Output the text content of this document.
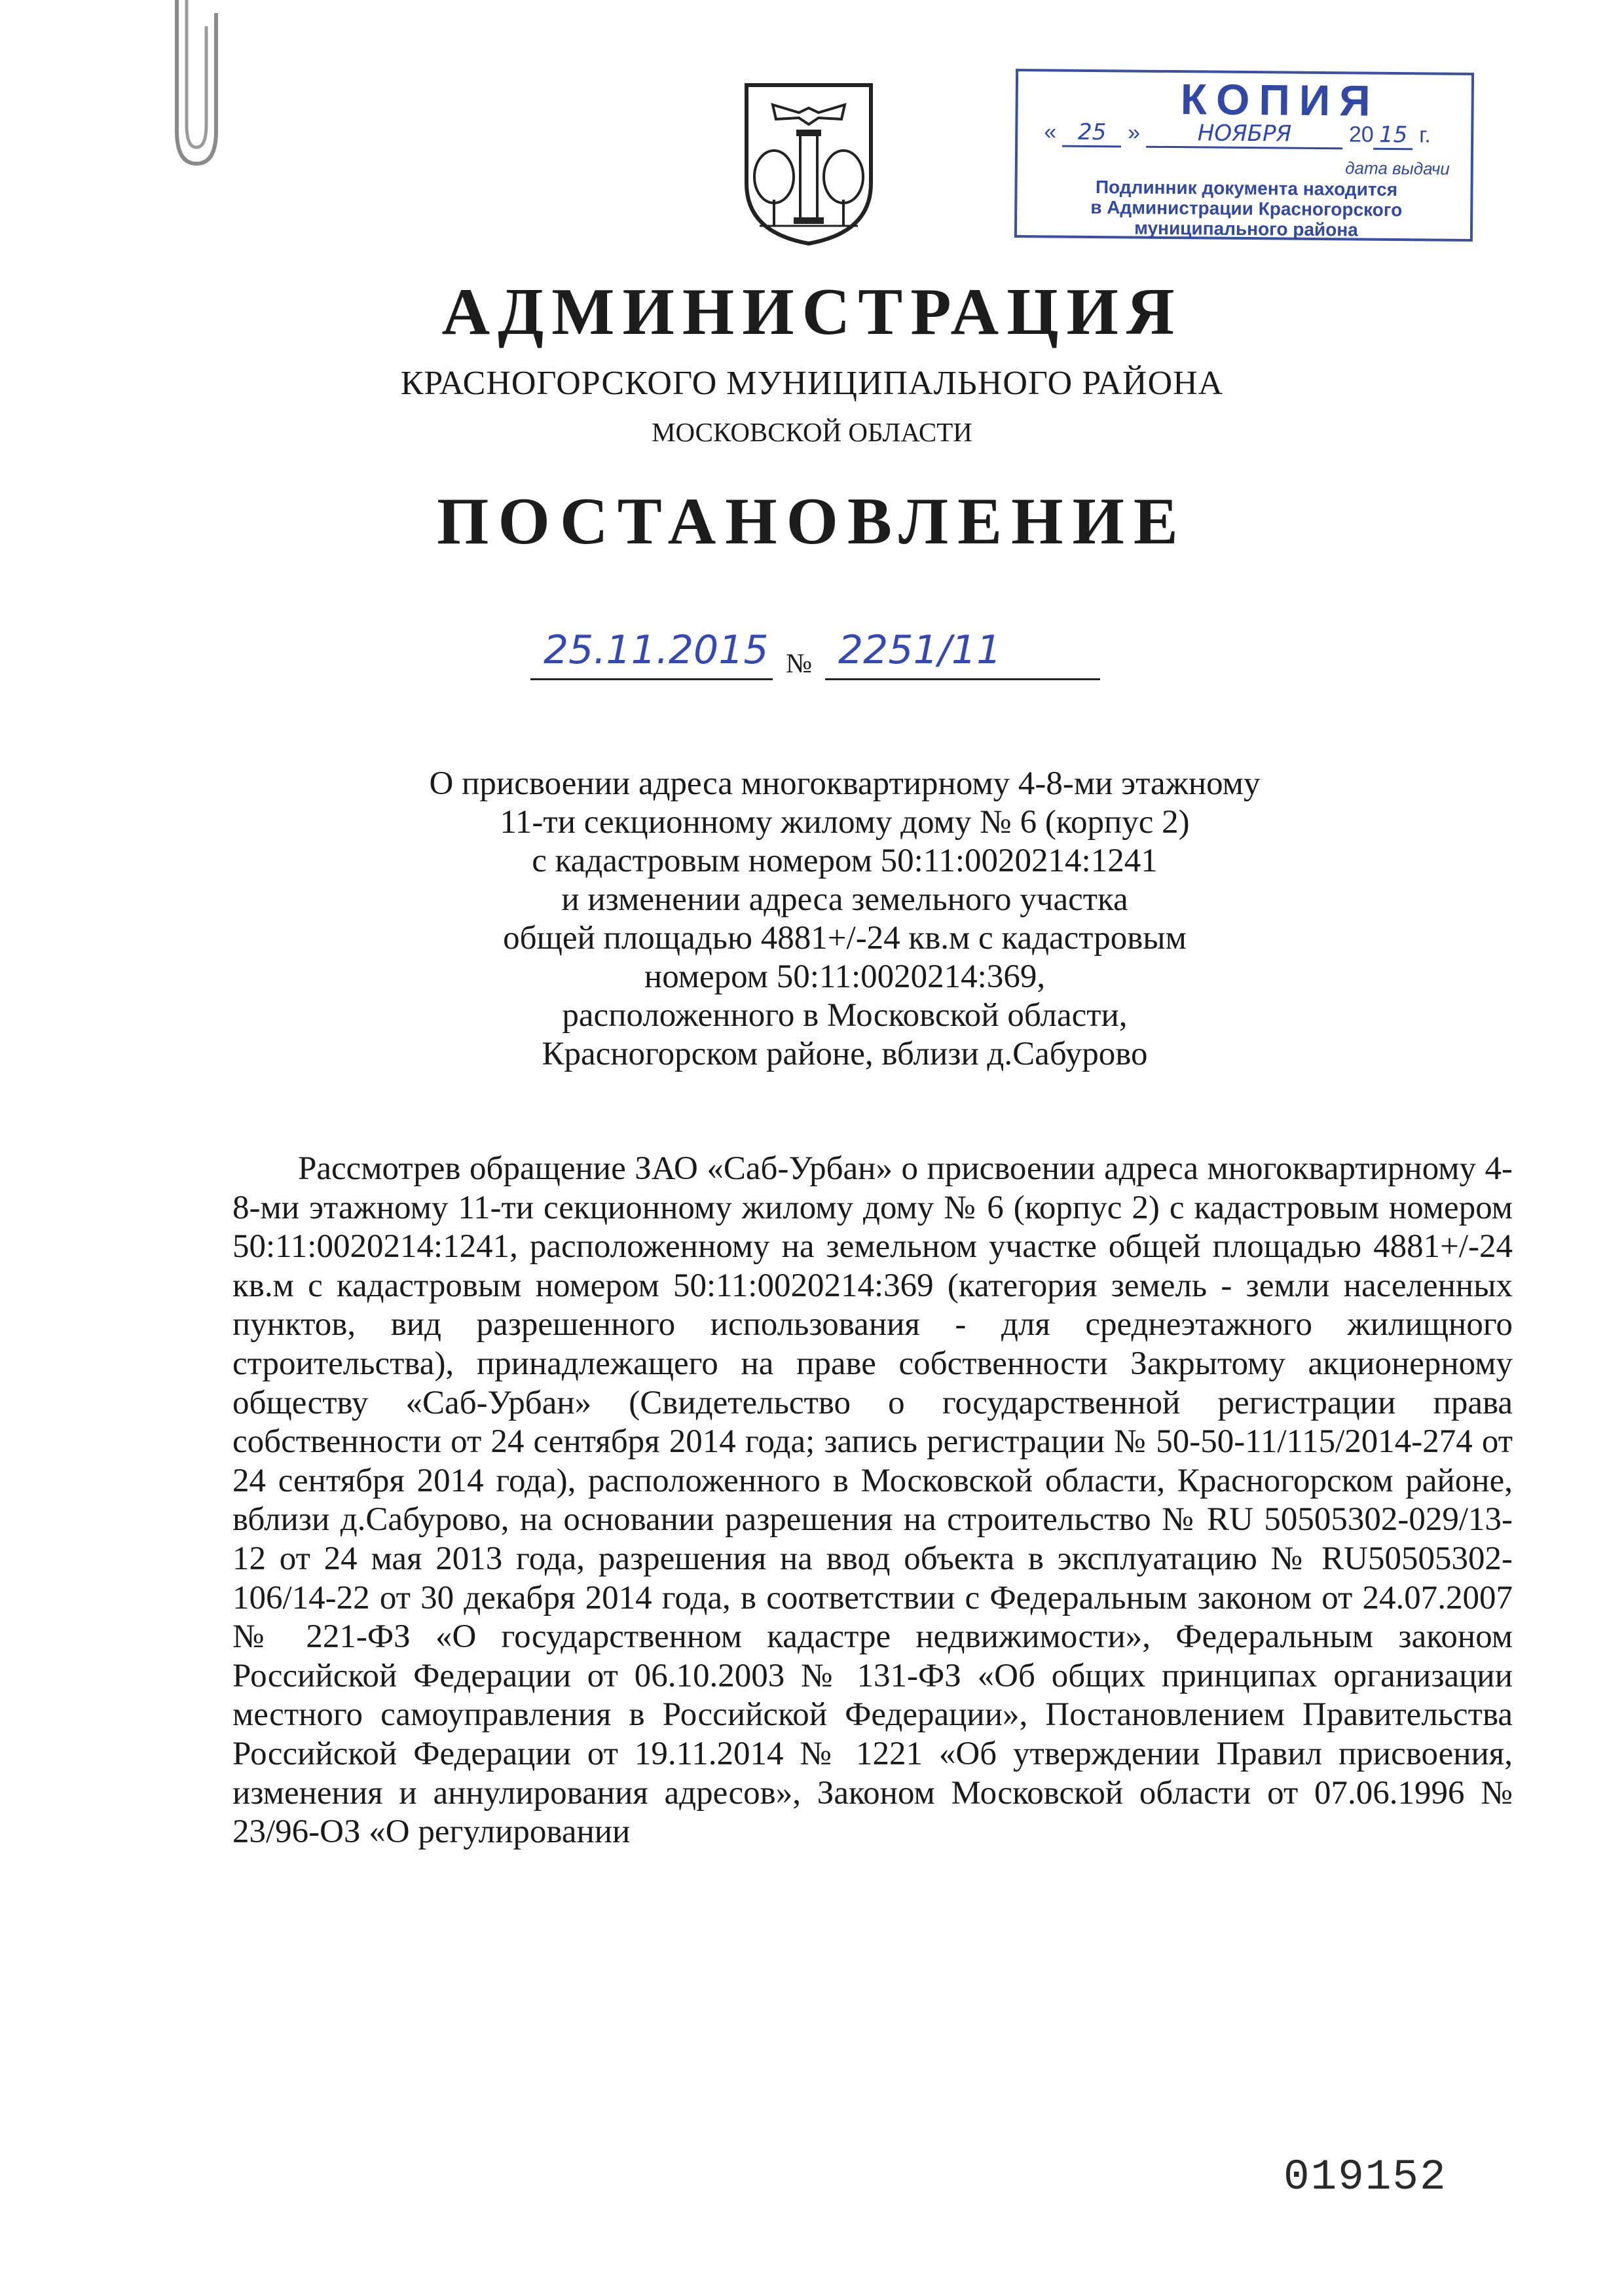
КОПИЯ
« 25 »	НОЯБРЯ	20 15 г.
дата выдачи
Подлинник документа находится
в Администрации Красногорского
муниципального района
АДМИНИСТРАЦИЯ
КРАСНОГОРСКОГО МУНИЦИПАЛЬНОГО РАЙОНА
МОСКОВСКОЙ ОБЛАСТИ
ПОСТАНОВЛЕНИЕ
25.11.2015 № 2251/11
О присвоении адреса многоквартирному 4-8-ми этажному
11-ти секционному жилому дому № 6 (корпус 2)
с кадастровым номером 50:11:0020214:1241
и изменении адреса земельного участка
общей площадью 4881+/-24 кв.м с кадастровым
номером 50:11:0020214:369,
расположенного в Московской области,
Красногорском районе, вблизи д.Сабурово

Рассмотрев обращение ЗАО «Саб-Урбан» о присвоении адреса многоквартирному 4-8-ми этажному 11-ти секционному жилому дому № 6 (корпус 2) с кадастровым номером 50:11:0020214:1241, расположенному на земельном участке общей площадью 4881+/-24 кв.м с кадастровым номером 50:11:0020214:369 (категория земель - земли населенных пунктов, вид разрешенного использования - для среднеэтажного жилищного строительства), принадлежащего на праве собственности Закрытому акционерному обществу «Саб-Урбан» (Свидетельство о государственной регистрации права собственности от 24 сентября 2014 года; запись регистрации № 50-50-11/115/2014-274 от 24 сентября 2014 года), расположенного в Московской области, Красногорском районе, вблизи д.Сабурово, на основании разрешения на строительство № RU 50505302-029/13-12 от 24 мая 2013 года, разрешения на ввод объекта в эксплуатацию № RU50505302-106/14-22 от 30 декабря 2014 года, в соответствии с Федеральным законом от 24.07.2007 № 221-ФЗ «О государственном кадастре недвижимости», Федеральным законом Российской Федерации от 06.10.2003 № 131-ФЗ «Об общих принципах организации местного самоуправления в Российской Федерации», Постановлением Правительства Российской Федерации от 19.11.2014 № 1221 «Об утверждении Правил присвоения, изменения и аннулирования адресов», Законом Московской области от 07.06.1996 № 23/96-ОЗ «О регулировании

019152
